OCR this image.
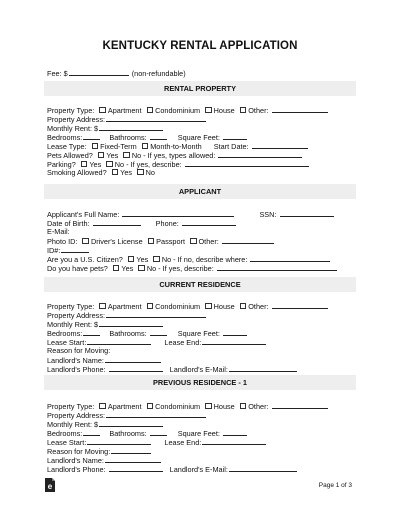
KENTUCKY RENTAL APPLICATION
Fee: $	(non-refundable)
RENTAL PROPERTY
Property Type: Apartment Condominium House Other:
Property Address:
Monthly Rent: $
Bedrooms:	Bathrooms:	Square Feet:
Lease Type: Fixed-Term Month-to-Month Start Date:
Pets Allowed? Yes No - If yes, types allowed:
Parking? Yes No - If yes, describe:
Smoking Allowed? Yes No
APPLICANT
Applicant's Full Name:	SSN:
Date of Birth:	Phone:
E-Mail:
Photo ID: Driver's License Passport Other:
ID#:
Are you a U.S. Citizen? Yes No - If no, describe where:
Do you have pets? Yes No - If yes, describe:
CURRENT RESIDENCE
Property Type: Apartment Condominium House Other:
Property Address:
Monthly Rent: $
Bedrooms:	Bathrooms:	Square Feet:
Lease Start:	Lease End:
Reason for Moving:
Landlord's Name:
Landlord's Phone:	Landlord's E-Mail:
PREVIOUS RESIDENCE - 1
Property Type: Apartment Condominium House Other:
Property Address:
Monthly Rent: $
Bedrooms:	Bathrooms:	Square Feet:
Lease Start:	Lease End:
Reason for Moving:
Landlord's Name:
Landlord's Phone:	Landlord's E-Mail:
e	Page 1 of 3
